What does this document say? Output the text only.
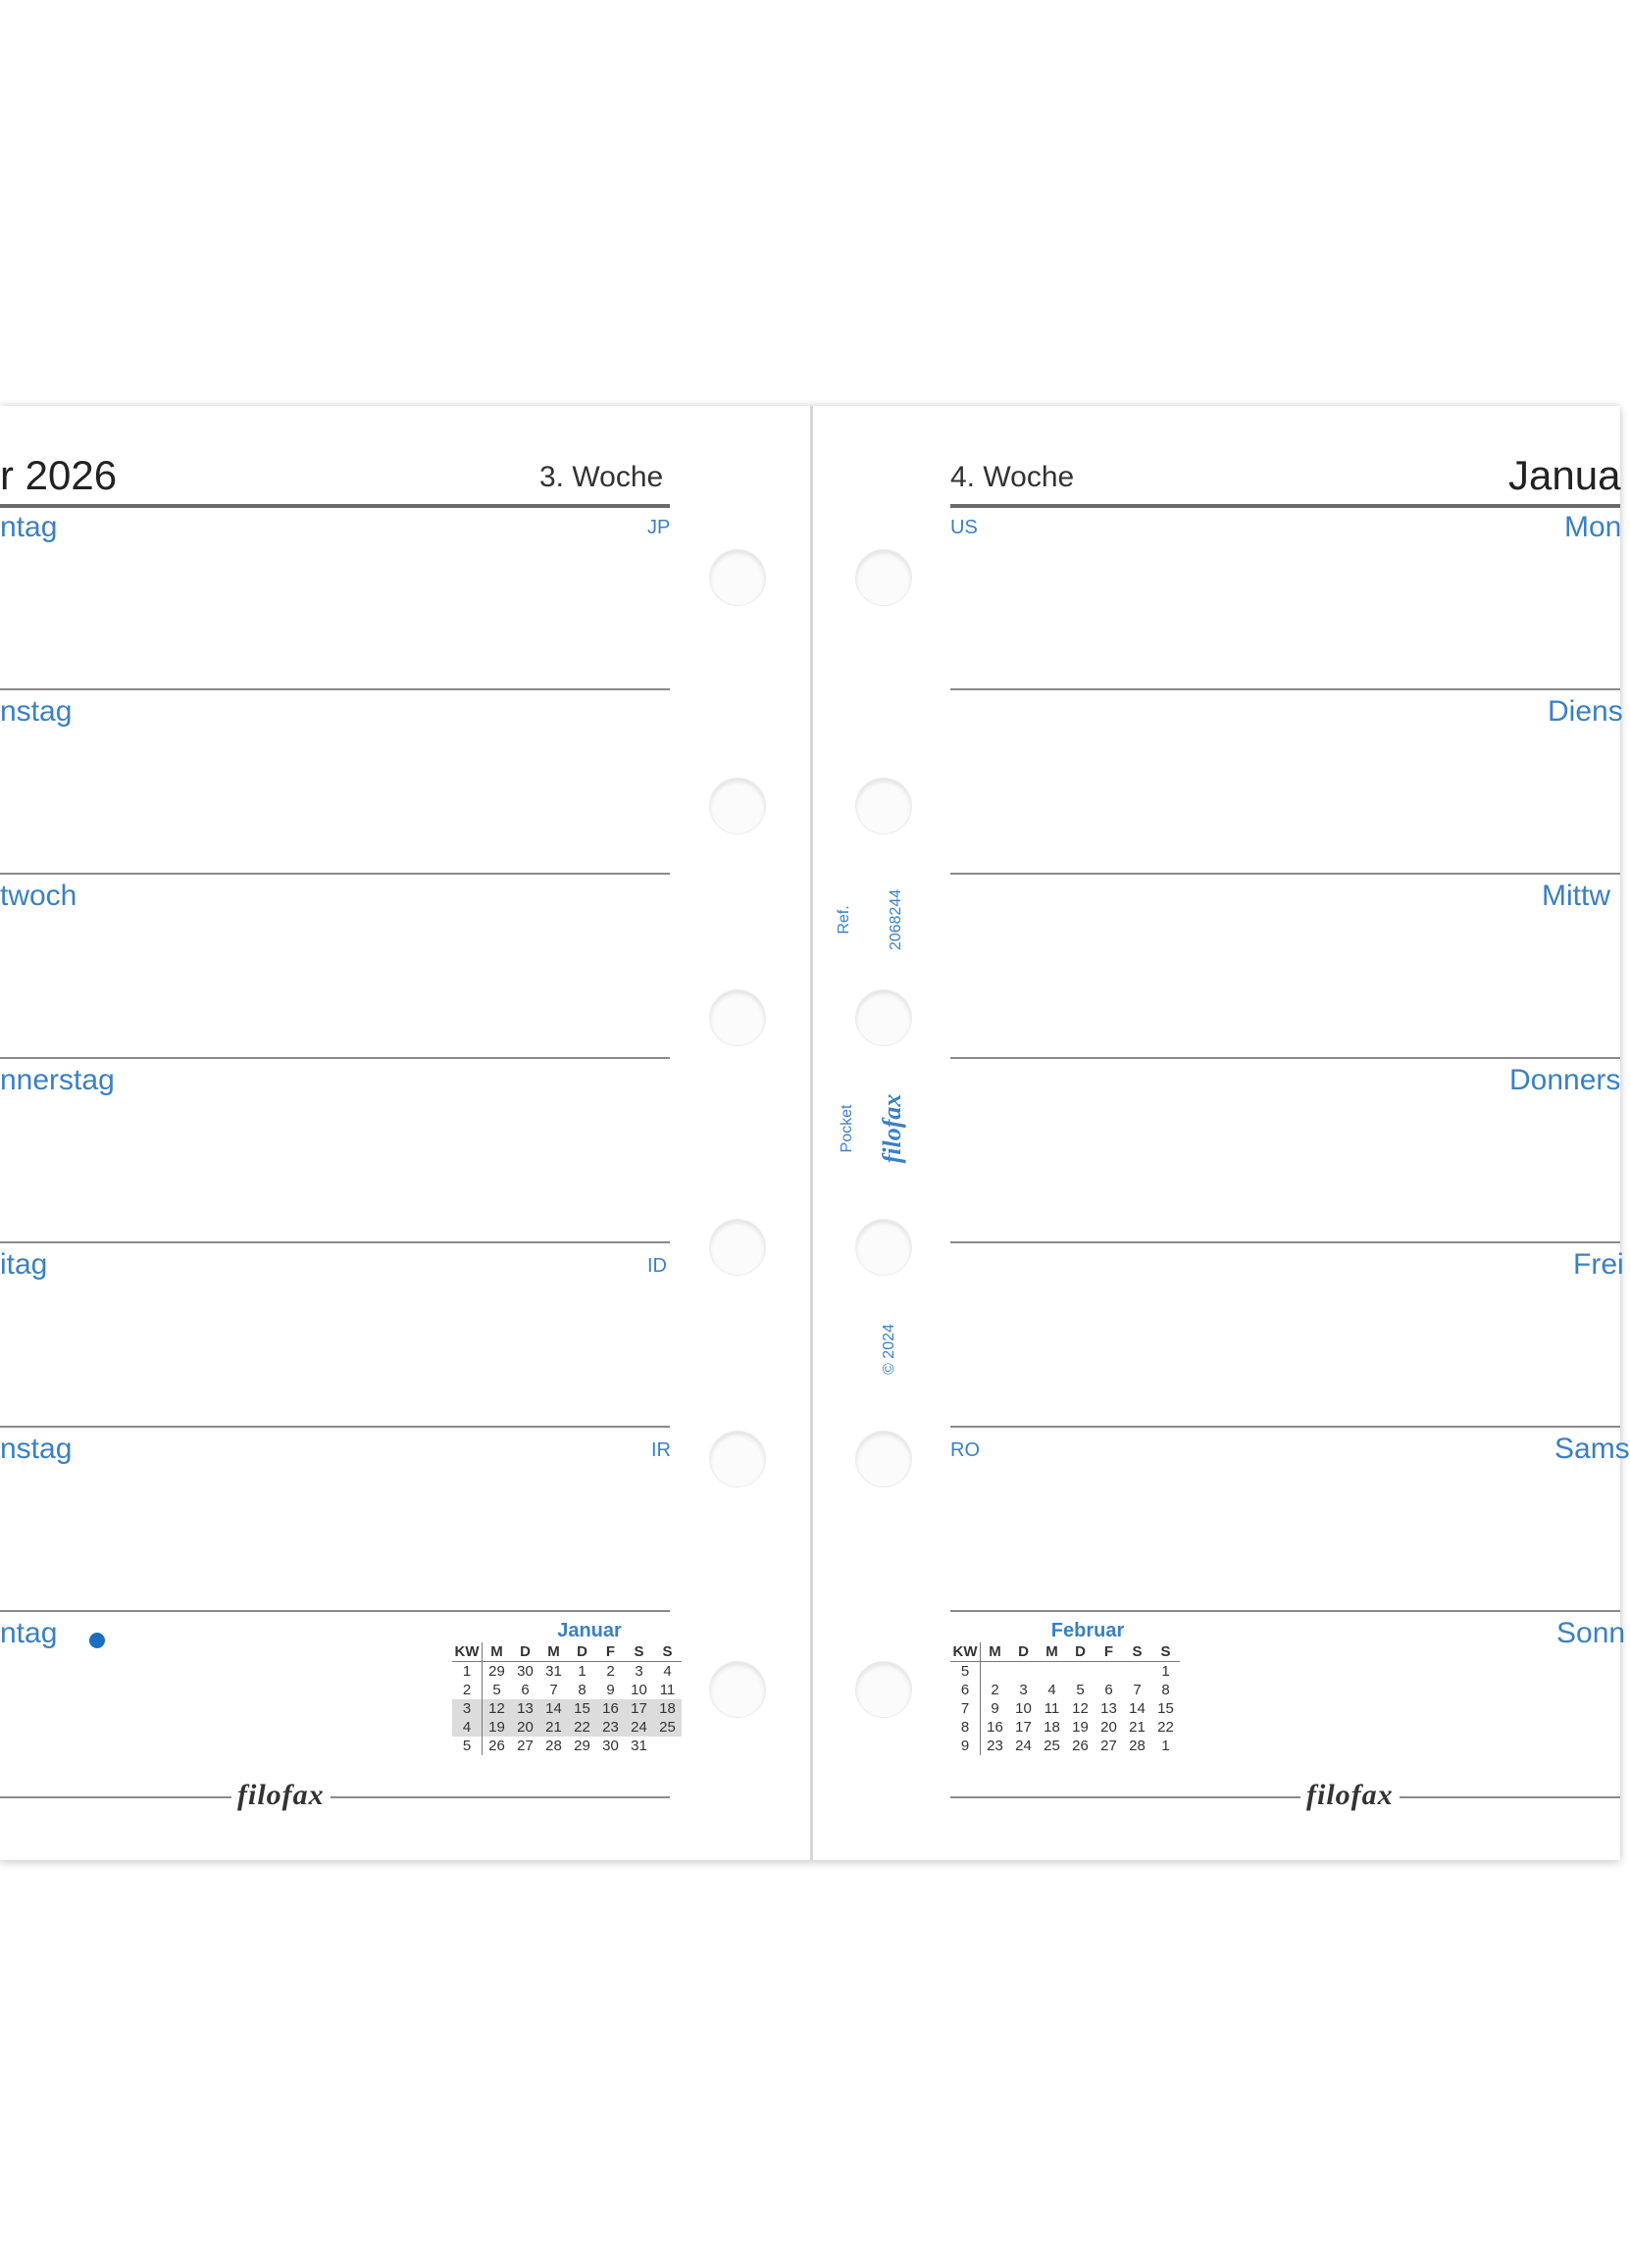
r 2026	3. Woche
ntag	JP
nstag
twoch
nnerstag
itag	ID
nstag	IR
ntag	Januar
KW	M	D	M	D	F	S	S
1	29	30	31	1	2	3	4
2	5	6	7	8	9	10	11
3	12	13	14	15	16	17	18
4	19	20	21	22	23	24	25
5	26	27	28	29	30	31	
filofax
4. Woche	Janua
US	Mon
Diens
Mittw
Donners
Frei
RO	Sams
Sonn
Februar
KW	M	D	M	D	F	S	S
5							1
6	2	3	4	5	6	7	8
7	9	10	11	12	13	14	15
8	16	17	18	19	20	21	22
9	23	24	25	26	27	28	1
filofax
Ref. 2068244
Pocket filofax
© 2024
